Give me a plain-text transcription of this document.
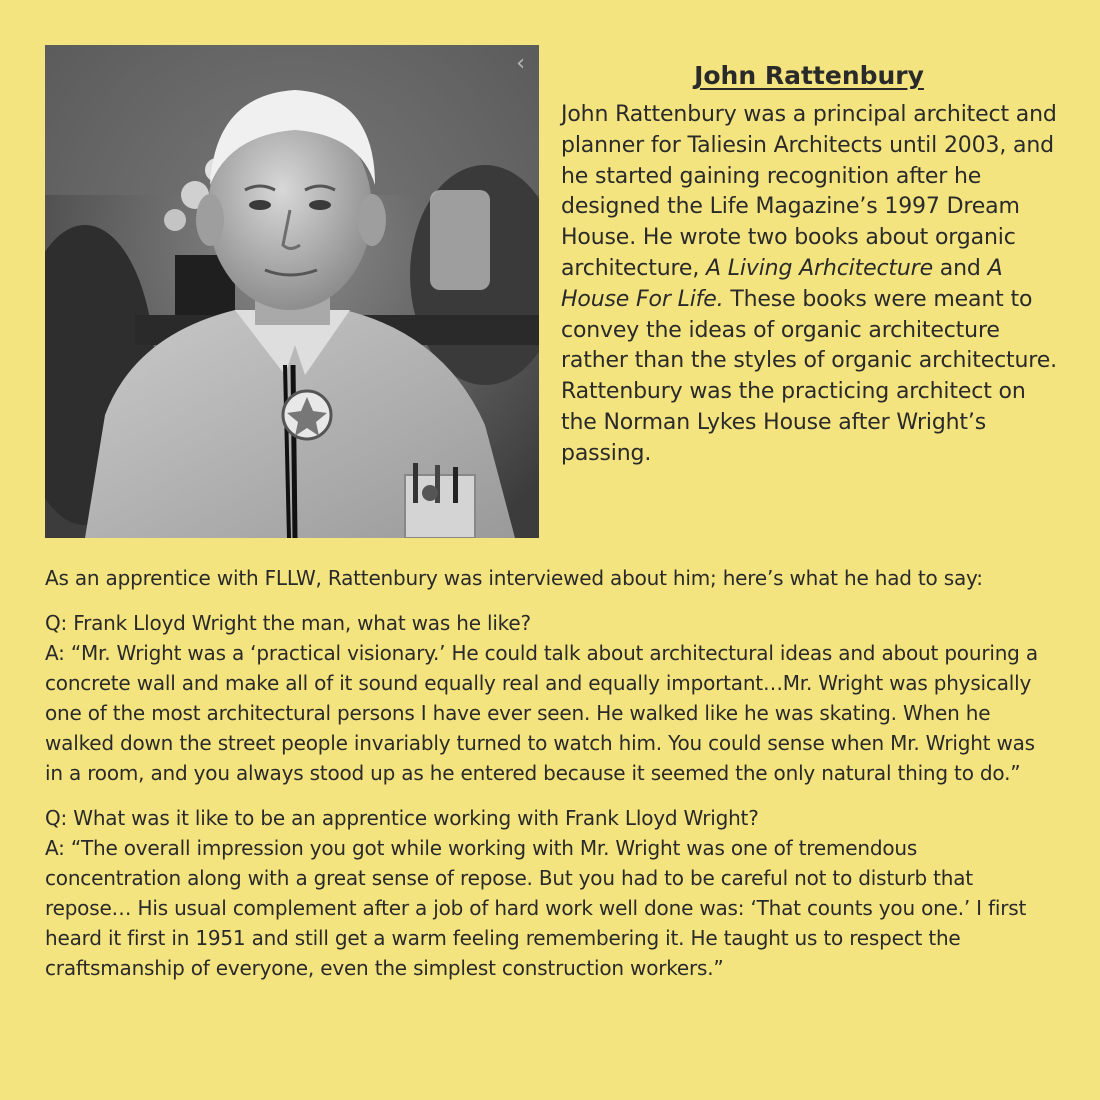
‹	John Rattenbury

John Rattenbury was a principal architect and planner for Taliesin Architects until 2003, and he started gaining recognition after he designed the Life Magazine’s 1997 Dream House. He wrote two books about organic architecture, A Living Arhcitecture and A House For Life. These books were meant to convey the ideas of organic architecture rather than the styles of organic architecture. Rattenbury was the practicing architect on the Norman Lykes House after Wright’s passing.

As an apprentice with FLLW, Rattenbury was interviewed about him; here’s what he had to say:

Q: Frank Lloyd Wright the man, what was he like?
A: “Mr. Wright was a ‘practical visionary.’ He could talk about architectural ideas and about pouring a concrete wall and make all of it sound equally real and equally important…Mr. Wright was physically one of the most architectural persons I have ever seen. He walked like he was skating. When he walked down the street people invariably turned to watch him. You could sense when Mr. Wright was in a room, and you always stood up as he entered because it seemed the only natural thing to do.”
Q: What was it like to be an apprentice working with Frank Lloyd Wright?
A: “The overall impression you got while working with Mr. Wright was one of tremendous concentration along with a great sense of repose. But you had to be careful not to disturb that repose… His usual complement after a job of hard work well done was: ‘That counts you one.’ I first heard it first in 1951 and still get a warm feeling remembering it. He taught us to respect the craftsmanship of everyone, even the simplest construction workers.”
